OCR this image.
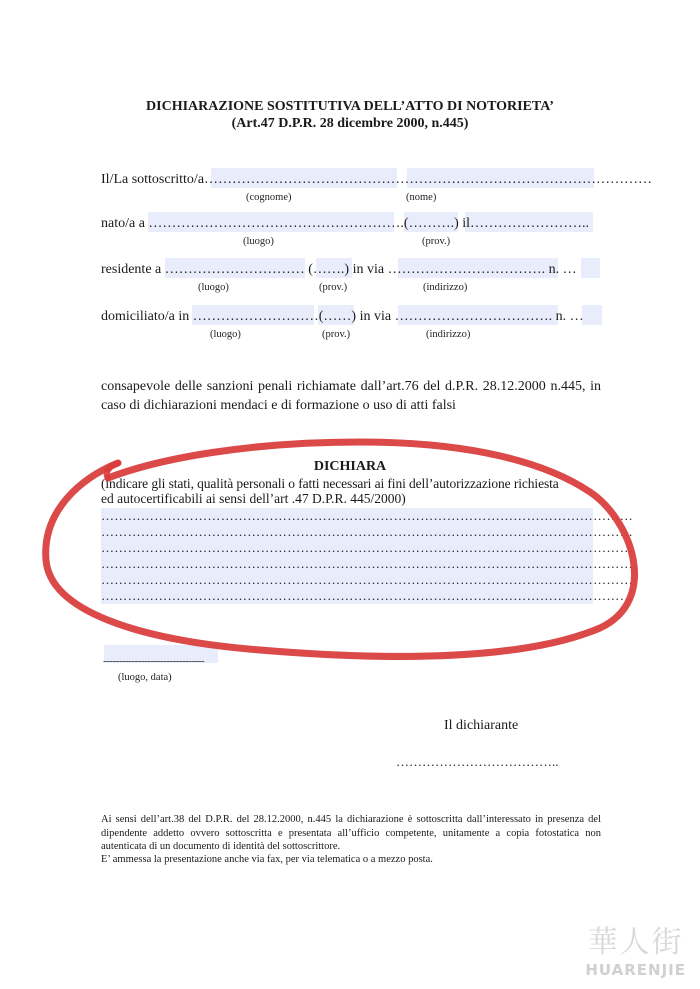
DICHIARAZIONE SOSTITUTIVA DELL’ATTO DI NOTORIETA’
(Art.47 D.P.R. 28 dicembre 2000, n.445)
Il/La sottoscritto/a……………………………………………………………………………………
(cognome)	(nome)
nato/a a ……………………………………………….(……….) il……………………..
(luogo)	(prov.)
residente a ………………………… (…….) in via ……………………………. n. …
(luogo)	(prov.)	(indirizzo)
domiciliato/a in ………………………(……) in via ……………………………. n. …
(luogo)	(prov.)	(indirizzo)
consapevole delle sanzioni penali richiamate dall’art.76 del d.P.R. 28.12.2000 n.445, in caso di dichiarazioni mendaci e di formazione o uso di atti falsi
DICHIARA
(indicare gli stati, qualità personali o fatti necessari ai fini dell’autorizzazione richiesta
ed autocertificabili ai sensi dell’art .47 D.P.R. 445/2000)
…………………………………………………………………………………………………………
…………………………………………………………………………………………………………
…………………………………………………………………………………………………………
…………………………………………………………………………………………………………
…………………………………………………………………………………………………………
…………………………………………………………………………………………………………
--------------------------------
(luogo, data)
Il dichiarante
………………………………..
Ai sensi dell’art.38 del D.P.R. del 28.12.2000, n.445 la dichiarazione è sottoscritta dall’interessato in presenza del dipendente addetto ovvero sottoscritta e presentata all’ufficio competente, unitamente a copia fotostatica non autenticata di un documento di identità del sottoscrittore.
E’ ammessa la presentazione anche via fax, per via telematica o a mezzo posta.
華人街
HUARENJIE
